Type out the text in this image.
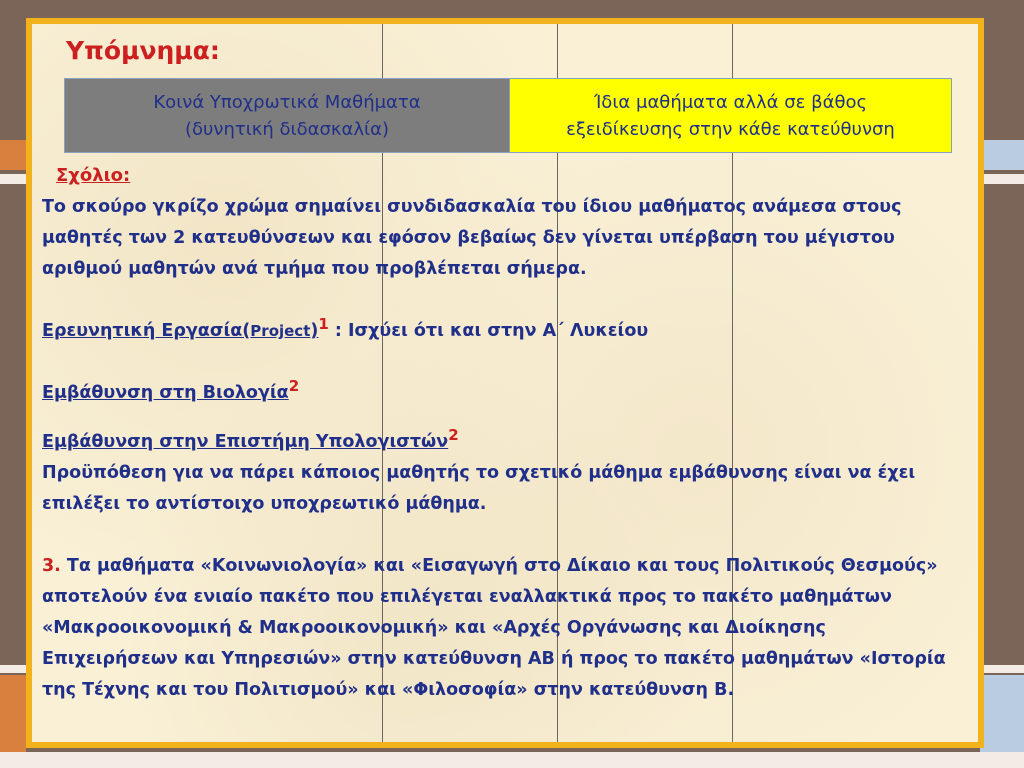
Υπόμνημα:
Κοινά Υποχρωτικά Μαθήματα
(δυνητική διδασκαλία)
Ίδια μαθήματα αλλά σε βάθος
εξειδίκευσης στην κάθε κατεύθυνση

Σχόλιο:

Το σκούρο γκρίζο χρώμα σημαίνει συνδιδασκαλία του ίδιου μαθήματος ανάμεσα στους μαθητές των 2 κατευθύνσεων και εφόσον βεβαίως δεν γίνεται υπέρβαση του μέγιστου αριθμού μαθητών ανά τμήμα που προβλέπεται σήμερα.

Ερευνητική Εργασία(Project)$^1$ : Ισχύει ότι και στην Α΄ Λυκείου

Εμβάθυνση στη Βιολογία$^2$

Εμβάθυνση στην Επιστήμη Υπολογιστών$^2$

Προϋπόθεση για να πάρει κάποιος μαθητής το σχετικό μάθημα εμβάθυνσης είναι να έχει επιλέξει το αντίστοιχο υποχρεωτικό μάθημα.

3. Τα μαθήματα «Κοινωνιολογία» και «Εισαγωγή στο Δίκαιο και τους Πολιτικούς Θεσμούς» αποτελούν ένα ενιαίο πακέτο που επιλέγεται εναλλακτικά προς το πακέτο μαθημάτων «Μακροοικονομική & Μακροοικονομική» και «Αρχές Οργάνωσης και Διοίκησης Επιχειρήσεων και Υπηρεσιών» στην κατεύθυνση ΑΒ ή προς το πακέτο μαθημάτων «Ιστορία της Τέχνης και του Πολιτισμού» και «Φιλοσοφία» στην κατεύθυνση Β.
